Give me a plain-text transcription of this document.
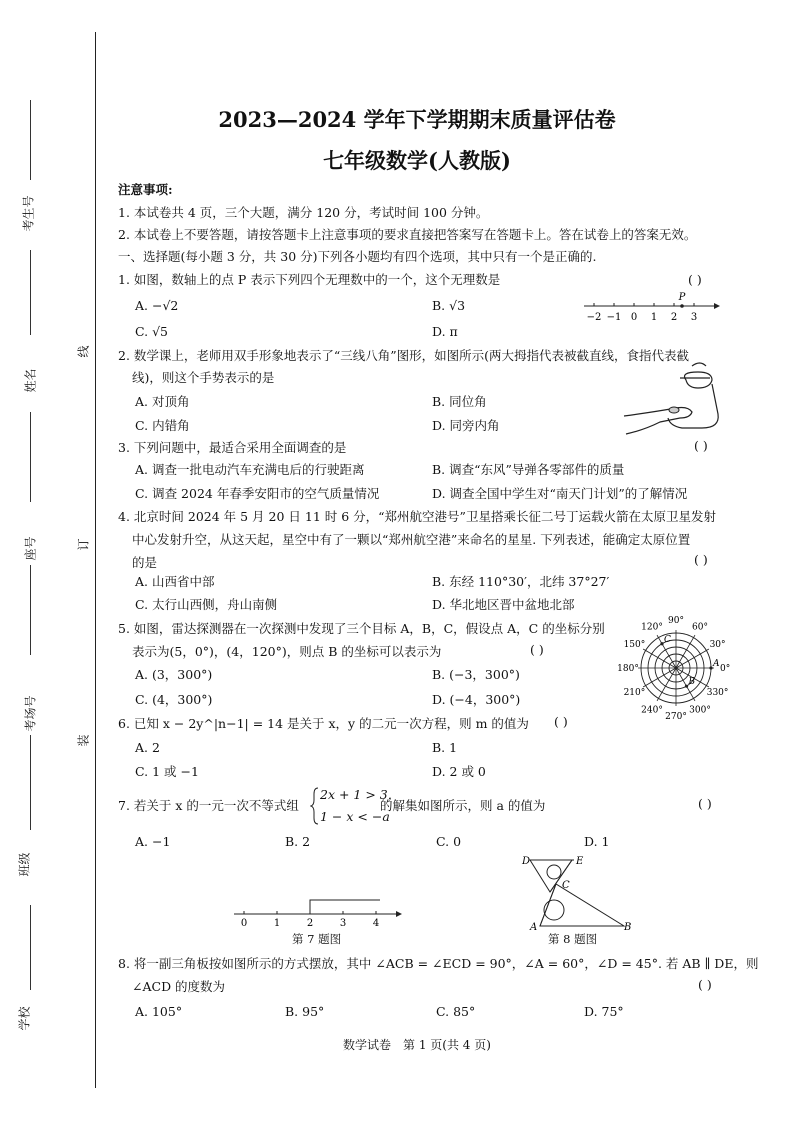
考生号
姓名
线
座号	订
考场号
装
班级
学校
2023—2024 学年下学期期末质量评估卷
七年级数学(人教版)
注意事项:
1. 本试卷共 4 页，三个大题，满分 120 分，考试时间 100 分钟。
2. 本试卷上不要答题，请按答题卡上注意事项的要求直接把答案写在答题卡上。答在试卷上的答案无效。
一、选择题(每小题 3 分，共 30 分)下列各小题均有四个选项，其中只有一个是正确的.
1. 如图，数轴上的点 P 表示下列四个无理数中的一个，这个无理数是	( )
A. −√2	B. √3
C. √5	D. π
−2 −1 0 1 2 3
P
2. 数学课上，老师用双手形象地表示了“三线八角”图形，如图所示(两大拇指代表被截直线，食指代表截
线)，则这个手势表示的是
A. 对顶角	B. 同位角
C. 内错角	D. 同旁内角
3. 下列问题中，最适合采用全面调查的是	( )
A. 调查一批电动汽车充满电后的行驶距离	B. 调查“东风”导弹各零部件的质量
C. 调查 2024 年春季安阳市的空气质量情况	D. 调查全国中学生对“南天门计划”的了解情况
4. 北京时间 2024 年 5 月 20 日 11 时 6 分，“郑州航空港号”卫星搭乘长征二号丁运载火箭在太原卫星发射
中心发射升空，从这天起，星空中有了一颗以“郑州航空港”来命名的星星. 下列表述，能确定太原位置
的是	( )
A. 山西省中部	B. 东经 110°30′，北纬 37°27′
C. 太行山西侧，舟山南侧	D. 华北地区晋中盆地北部
5. 如图，雷达探测器在一次探测中发现了三个目标 A，B，C，假设点 A，C 的坐标分别
表示为(5，0°)，(4，120°)，则点 B 的坐标可以表示为	( )
A. (3，300°)	B. (−3，300°)
C. (4，300°)	D. (−4，300°)
90°
60°
30°
0°
330°
300°
270°
240°
210°
180°
150°
120°
A
B
C
6. 已知 x − 2y^|n−1| = 14 是关于 x，y 的二元一次方程，则 m 的值为 ( )
A. 2	B. 1
C. 1 或 −1	D. 2 或 0
7. 若关于 x 的一元一次不等式组
2x + 1 > 3，
1 − x < −a
的解集如图所示，则 a 的值为	( )
A. −1	B. 2	C. 0	D. 1
0	1	2	3	4
第 7 题图
D	E
C
A	B
第 8 题图
8. 将一副三角板按如图所示的方式摆放，其中 ∠ACB = ∠ECD = 90°，∠A = 60°，∠D = 45°. 若 AB ∥ DE，则
∠ACD 的度数为	( )
A. 105°	B. 95°	C. 85°	D. 75°
数学试卷　第 1 页(共 4 页)
